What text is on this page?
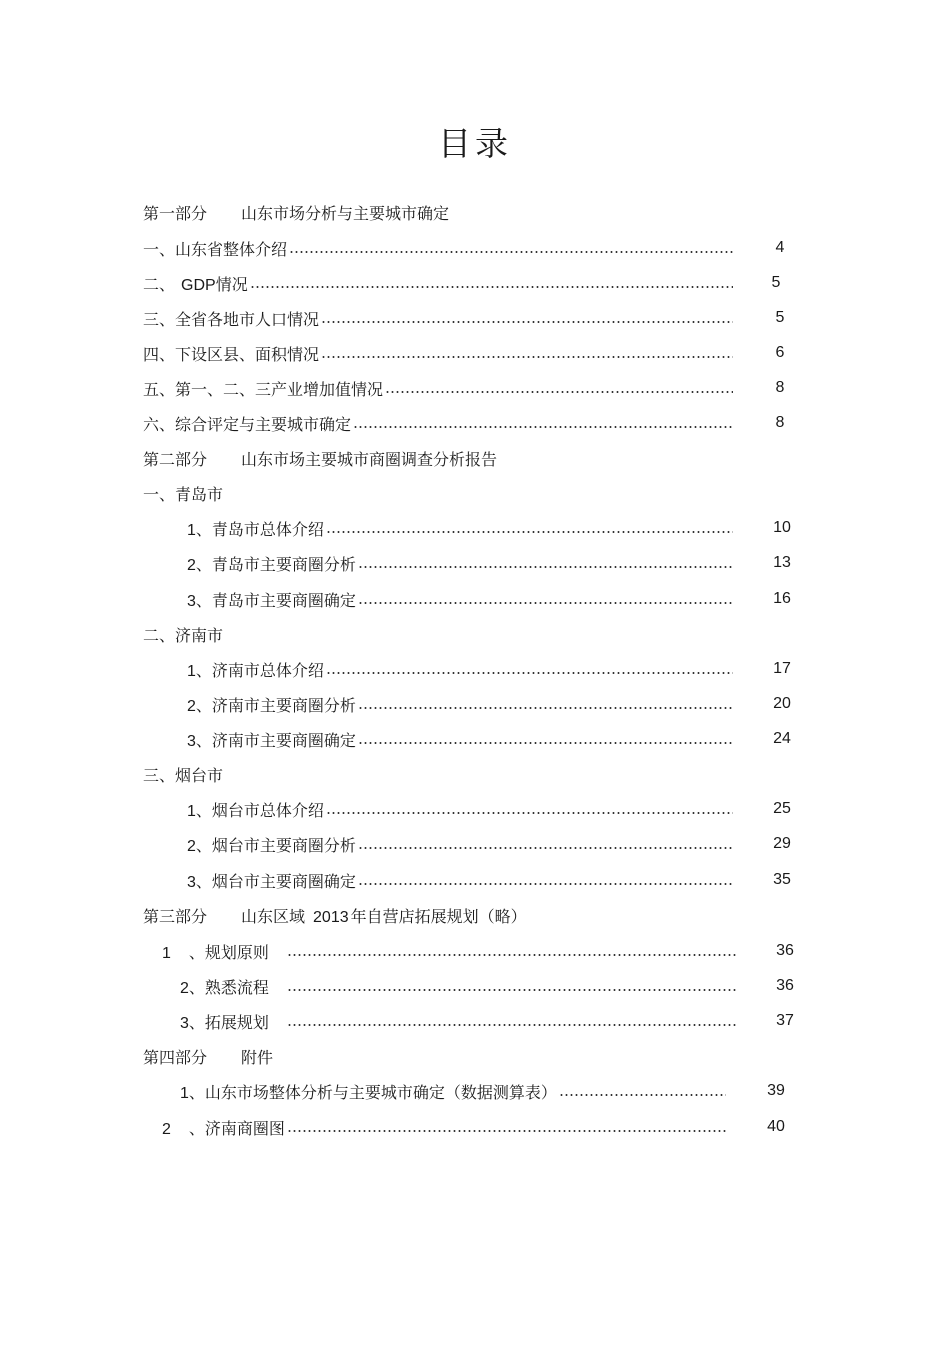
目录
第一部分	山东市场分析与主要城市确定
一、山东省整体介绍	4
二、 GDP情况	5
三、全省各地市人口情况	5
四、下设区县、面积情况	6
五、第一、二、三产业增加值情况	8
六、综合评定与主要城市确定	8
第二部分	山东市场主要城市商圈调查分析报告
一、青岛市
1、青岛市总体介绍	10
2、青岛市主要商圈分析	13
3、青岛市主要商圈确定	16
二、济南市
1、济南市总体介绍	17
2、济南市主要商圈分析	20
3、济南市主要商圈确定	24
三、烟台市
1、烟台市总体介绍	25
2、烟台市主要商圈分析	29
3、烟台市主要商圈确定	35
第三部分	山东区域 2013 年自营店拓展规划（略）
1 、规划原则	36
2、熟悉流程	36
3、拓展规划	37
第四部分	附件
1、山东市场整体分析与主要城市确定（数据测算表）	39
2 、济南商圈图	40
